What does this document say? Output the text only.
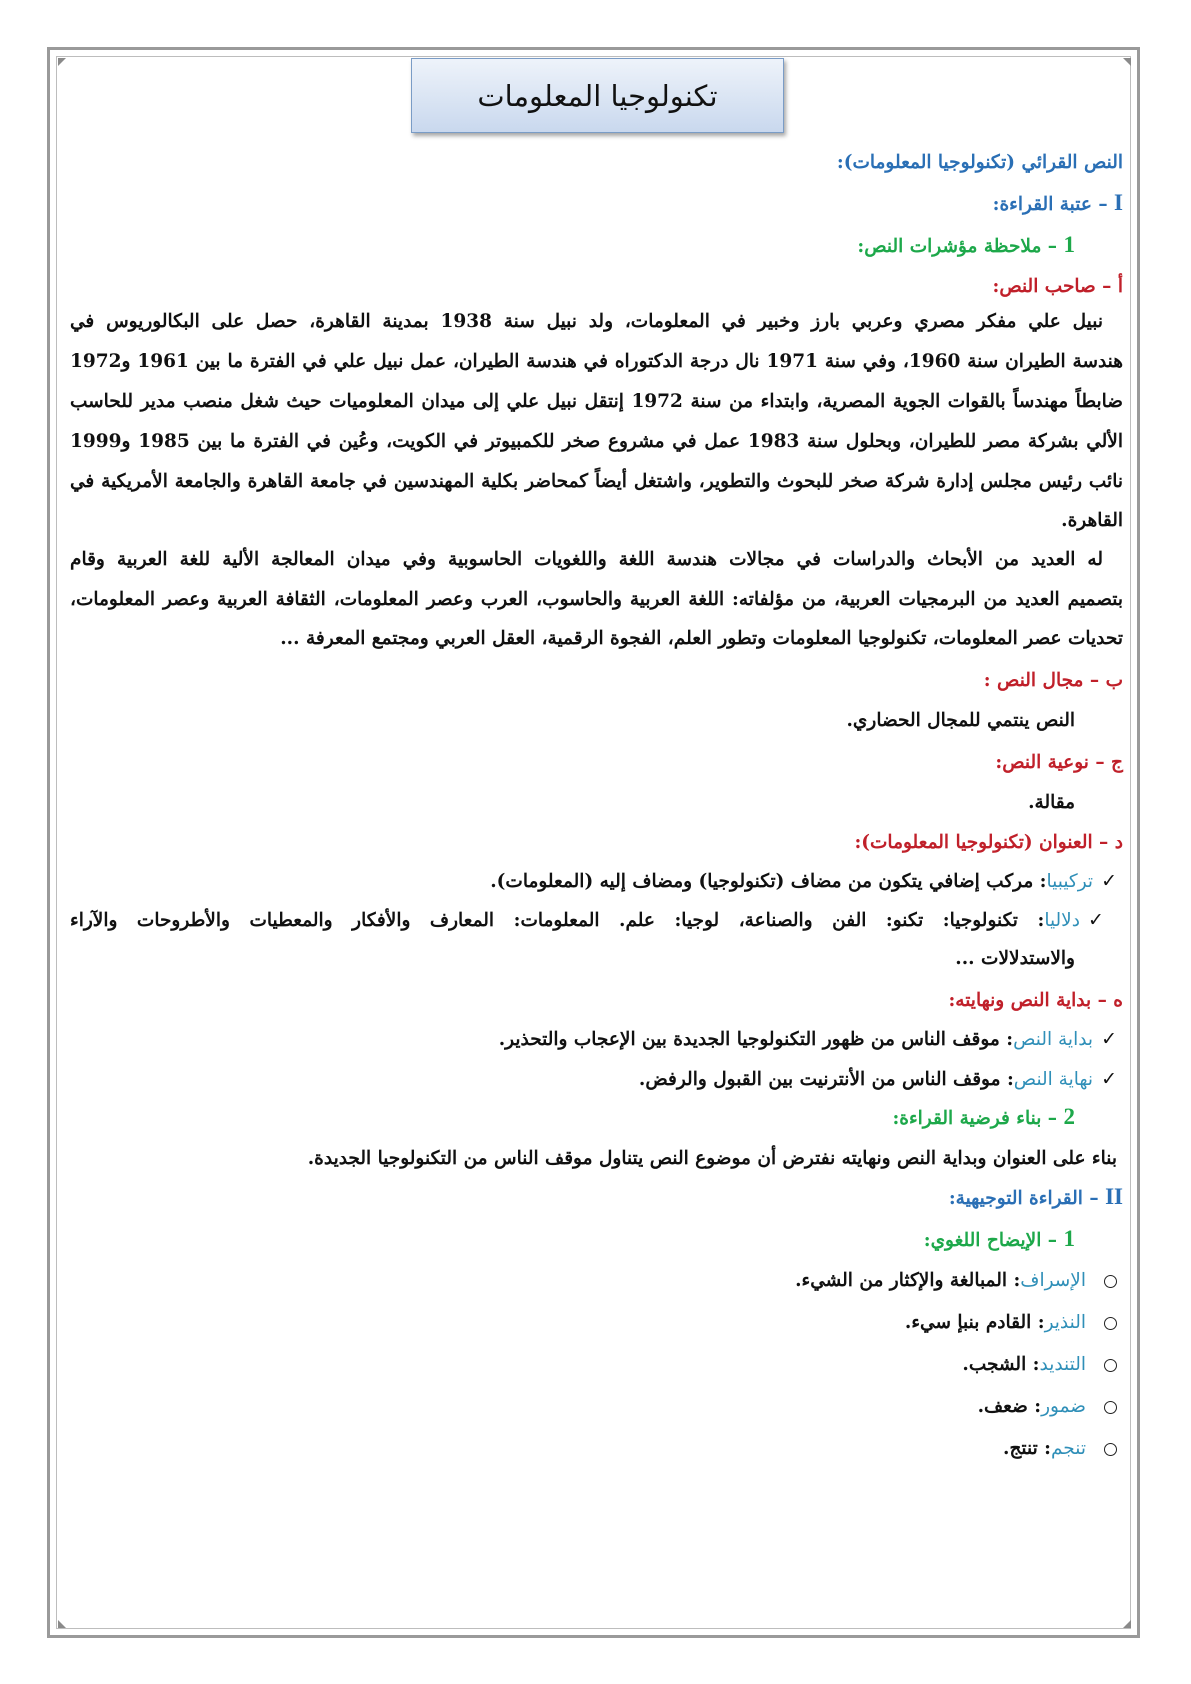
تكنولوجيا المعلومات
النص القرائي (تكنولوجيا المعلومات):
I – عتبة القراءة:
1 – ملاحظة مؤشرات النص:
أ – صاحب النص:
نبيل علي مفكر مصري وعربي بارز وخبير في المعلومات، ولد نبيل سنة 1938 بمدينة القاهرة، حصل على البكالوريوس في
هندسة الطيران سنة 1960، وفي سنة 1971 نال درجة الدكتوراه في هندسة الطيران، عمل نبيل علي في الفترة ما بين 1961 و1972
ضابطاً مهندساً بالقوات الجوية المصرية، وابتداء من سنة 1972 إنتقل نبيل علي إلى ميدان المعلوميات حيث شغل منصب مدير للحاسب
الألي بشركة مصر للطيران، وبحلول سنة 1983 عمل في مشروع صخر للكمبيوتر في الكويت، وعُين في الفترة ما بين 1985 و1999
نائب رئيس مجلس إدارة شركة صخر للبحوث والتطوير، واشتغل أيضاً كمحاضر بكلية المهندسين في جامعة القاهرة والجامعة الأمريكية في
القاهرة.
له العديد من الأبحاث والدراسات في مجالات هندسة اللغة واللغويات الحاسوبية وفي ميدان المعالجة الألية للغة العربية وقام
بتصميم العديد من البرمجيات العربية، من مؤلفاته: اللغة العربية والحاسوب، العرب وعصر المعلومات، الثقافة العربية وعصر المعلومات،
تحديات عصر المعلومات، تكنولوجيا المعلومات وتطور العلم، الفجوة الرقمية، العقل العربي ومجتمع المعرفة ...
ب – مجال النص :
النص ينتمي للمجال الحضاري.
ج – نوعية النص:
مقالة.
د – العنوان (تكنولوجيا المعلومات):
✓تركيبيا: مركب إضافي يتكون من مضاف (تكنولوجيا) ومضاف إليه (المعلومات).
✓دلاليا: تكنولوجيا: تكنو: الفن والصناعة، لوجيا: علم. المعلومات: المعارف والأفكار والمعطيات والأطروحات والآراء
والاستدلالات ...
ه – بداية النص ونهايته:
✓بداية النص: موقف الناس من ظهور التكنولوجيا الجديدة بين الإعجاب والتحذير.
✓نهاية النص: موقف الناس من الأنترنيت بين القبول والرفض.
2 – بناء فرضية القراءة:
بناء على العنوان وبداية النص ونهايته نفترض أن موضوع النص يتناول موقف الناس من التكنولوجيا الجديدة.
II – القراءة التوجيهية:
1 – الإيضاح اللغوي:
الإسراف: المبالغة والإكثار من الشيء.
النذير: القادم بنبإ سيء.
التنديد: الشجب.
ضمور: ضعف.
تنجم: تنتج.
